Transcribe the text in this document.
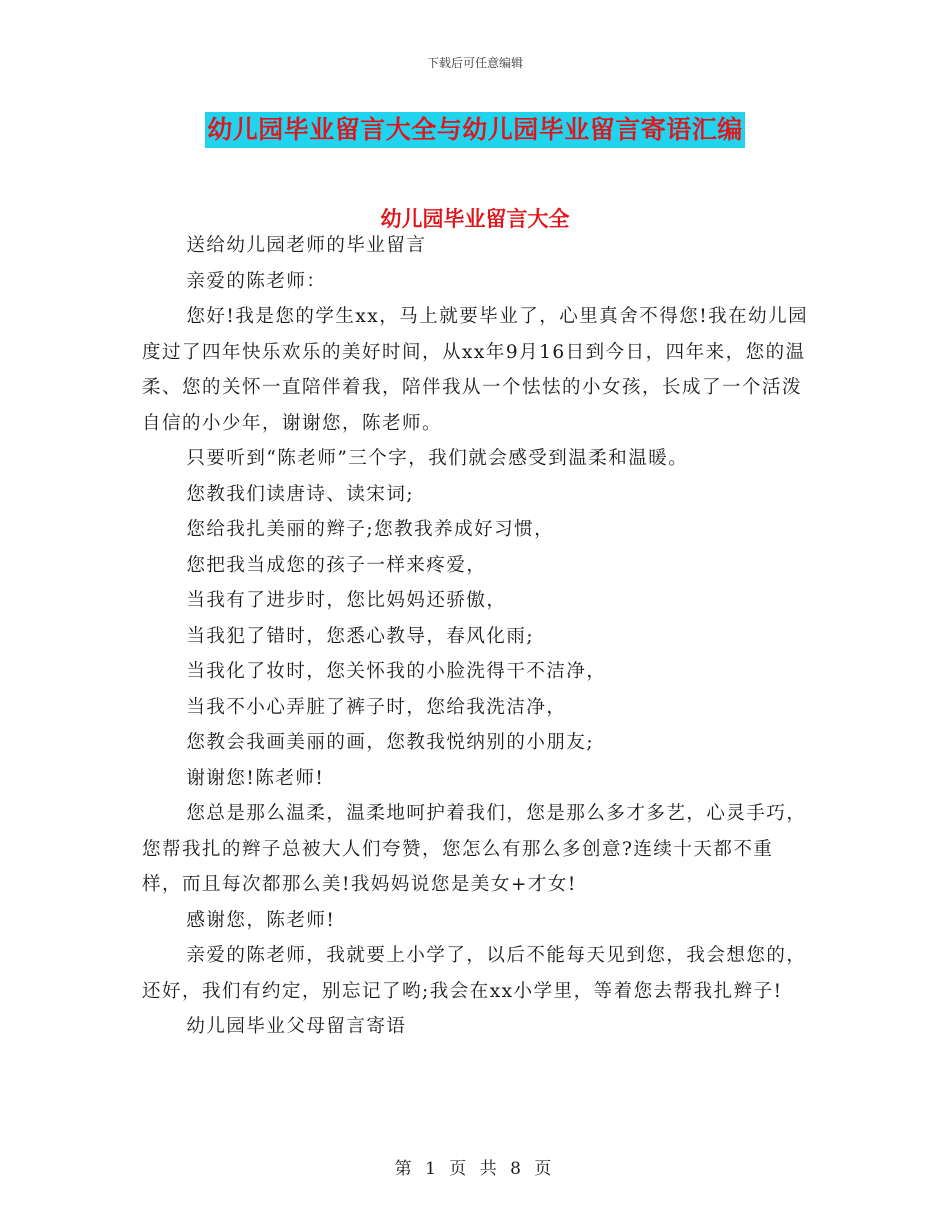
下载后可任意编辑
幼儿园毕业留言大全与幼儿园毕业留言寄语汇编
幼儿园毕业留言大全

送给幼儿园老师的毕业留言

亲爱的陈老师：

您好!我是您的学生xx，马上就要毕业了，心里真舍不得您!我在幼儿园度过了四年快乐欢乐的美好时间，从xx年9月16日到今日，四年来，您的温柔、您的关怀一直陪伴着我，陪伴我从一个怯怯的小女孩，长成了一个活泼自信的小少年，谢谢您，陈老师。

只要听到“陈老师”三个字，我们就会感受到温柔和温暖。

您教我们读唐诗、读宋词;

您给我扎美丽的辫子;您教我养成好习惯，

您把我当成您的孩子一样来疼爱，

当我有了进步时，您比妈妈还骄傲，

当我犯了错时，您悉心教导，春风化雨;

当我化了妆时，您关怀我的小脸洗得干不洁净，

当我不小心弄脏了裤子时，您给我洗洁净，

您教会我画美丽的画，您教我悦纳别的小朋友;

谢谢您!陈老师!

您总是那么温柔，温柔地呵护着我们，您是那么多才多艺，心灵手巧，您帮我扎的辫子总被大人们夸赞，您怎么有那么多创意?连续十天都不重样，而且每次都那么美!我妈妈说您是美女+才女!

感谢您，陈老师!

亲爱的陈老师，我就要上小学了，以后不能每天见到您，我会想您的，还好，我们有约定，别忘记了哟;我会在xx小学里，等着您去帮我扎辫子!

幼儿园毕业父母留言寄语

第 1 页 共 8 页
